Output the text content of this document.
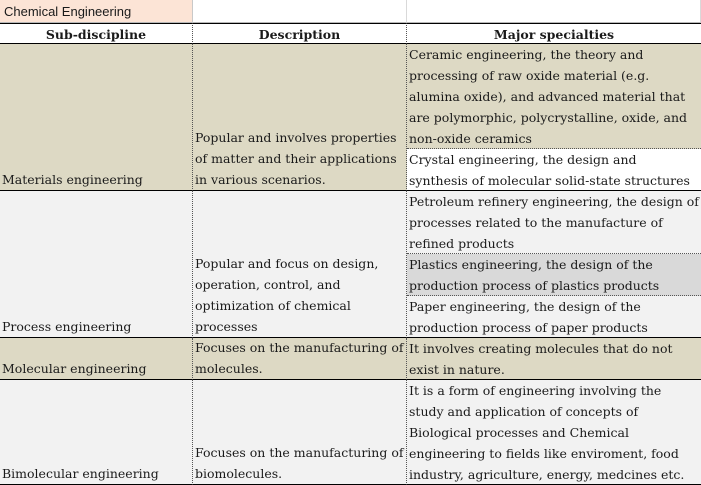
Chemical Engineering
Sub-discipline	Description	Major specialties
Materials engineering
Popular and involves properties of matter and their applications in various scenarios.
Ceramic engineering, the theory and processing of raw oxide material (e.g. alumina oxide), and advanced material that are polymorphic, polycrystalline, oxide, and non-oxide ceramics
Crystal engineering, the design and synthesis of molecular solid-state structures
Process engineering
Popular and focus on design, operation, control, and optimization of chemical processes
Petroleum refinery engineering, the design of processes related to the manufacture of refined products
Plastics engineering, the design of the production process of plastics products
Paper engineering, the design of the production process of paper products
Molecular engineering
Focuses on the manufacturing of molecules.
It involves creating molecules that do not exist in nature.
Bimolecular engineering
Focuses on the manufacturing of biomolecules.
It is a form of engineering involving the study and application of concepts of Biological processes and Chemical engineering to fields like enviroment, food industry, agriculture, energy, medcines etc.
